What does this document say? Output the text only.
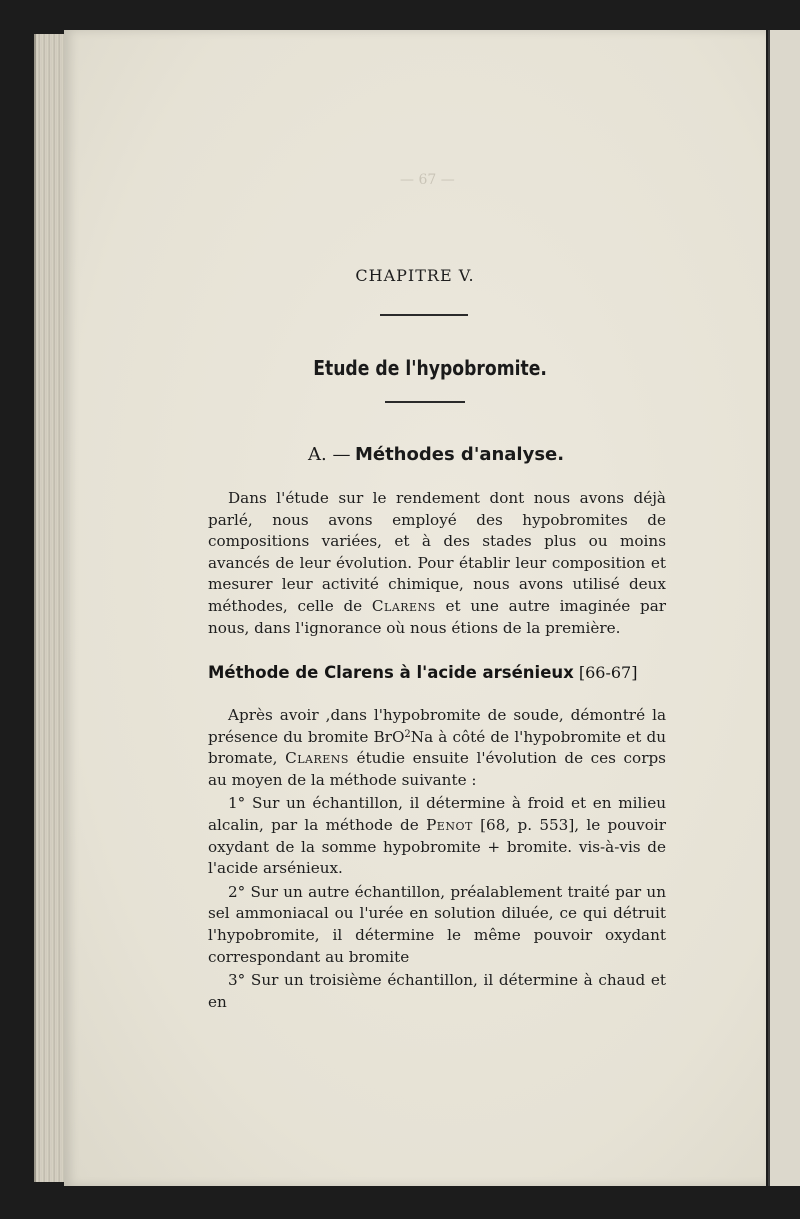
— 67 —
CHAPITRE V.
Etude de l'hypobromite.
A. — Méthodes d'analyse.

Dans l'étude sur le rendement dont nous avons déjà parlé, nous avons employé des hypobromites de compositions variées, et à des stades plus ou moins avancés de leur évolution. Pour établir leur composition et mesurer leur activité chimique, nous avons utilisé deux méthodes, celle de Clarens et une autre imaginée par nous, dans l'ignorance où nous étions de la première.

Méthode de Clarens à l'acide arsénieux [66-67]

Après avoir ,dans l'hypobromite de soude, démontré la présence du bromite BrO$^2$Na à côté de l'hypobromite et du bromate, Clarens étudie ensuite l'évolution de ces corps au moyen de la méthode suivante :

1° Sur un échantillon, il détermine à froid et en milieu alcalin, par la méthode de Penot [68, p. 553], le pouvoir oxydant de la somme hypobromite + bromite. vis-à-vis de l'acide arsénieux.

2° Sur un autre échantillon, préalablement traité par un sel ammoniacal ou l'urée en solution diluée, ce qui détruit l'hypobromite, il détermine le même pouvoir oxydant correspondant au bromite

3° Sur un troisième échantillon, il détermine à chaud et en
